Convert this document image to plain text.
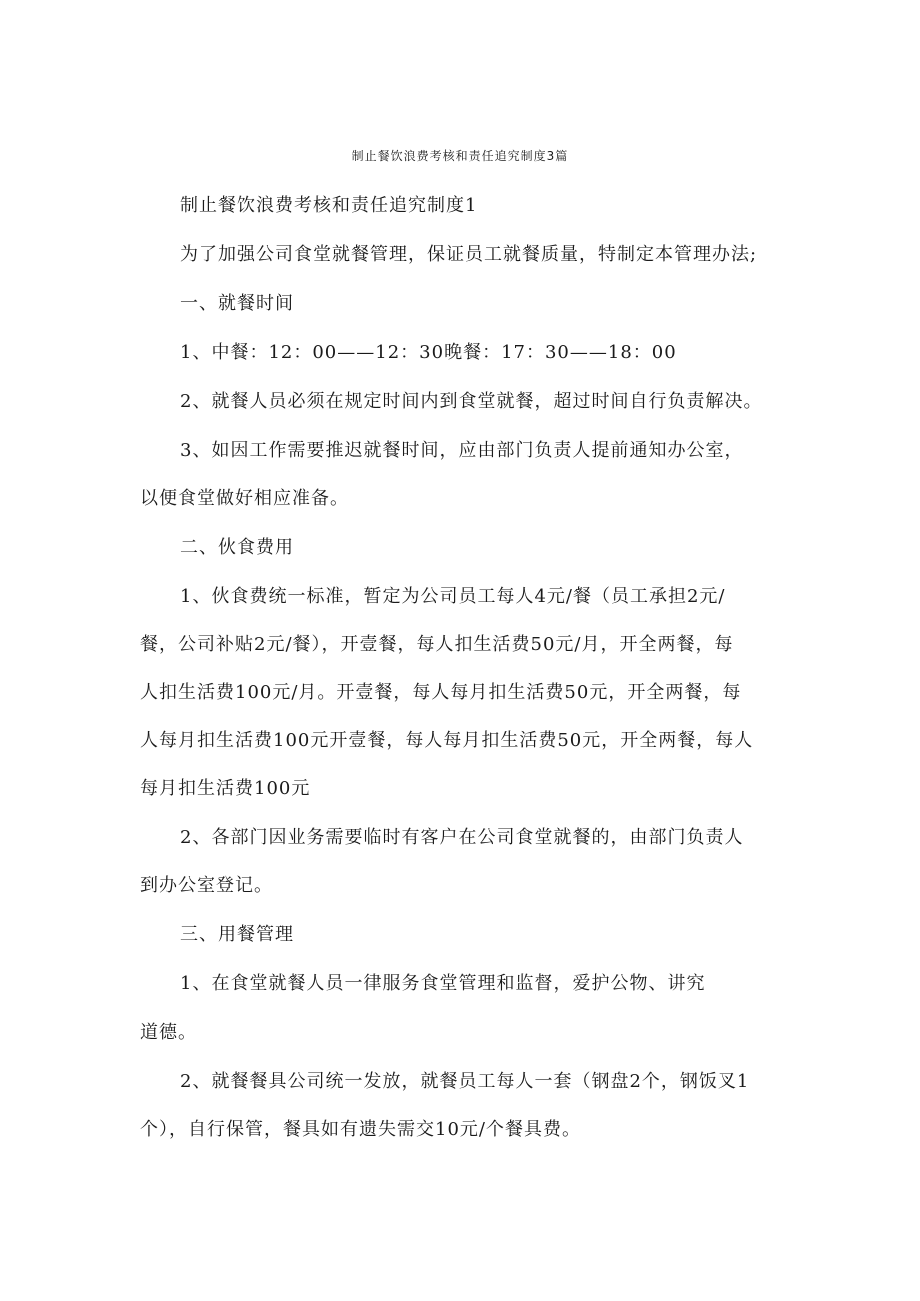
制止餐饮浪费考核和责任追究制度3篇
制止餐饮浪费考核和责任追究制度1
为了加强公司食堂就餐管理，保证员工就餐质量，特制定本管理办法;
一、就餐时间
1、中餐：12：00——12：30晚餐：17：30——18：00
2、就餐人员必须在规定时间内到食堂就餐，超过时间自行负责解决。
3、如因工作需要推迟就餐时间，应由部门负责人提前通知办公室，
以便食堂做好相应准备。
二、伙食费用
1、伙食费统一标准，暂定为公司员工每人4元/餐（员工承担2元/
餐，公司补贴2元/餐），开壹餐，每人扣生活费50元/月，开全两餐，每
人扣生活费100元/月。开壹餐，每人每月扣生活费50元，开全两餐，每
人每月扣生活费100元开壹餐，每人每月扣生活费50元，开全两餐，每人
每月扣生活费100元
2、各部门因业务需要临时有客户在公司食堂就餐的，由部门负责人
到办公室登记。
三、用餐管理
1、在食堂就餐人员一律服务食堂管理和监督，爱护公物、讲究
道德。
2、就餐餐具公司统一发放，就餐员工每人一套（钢盘2个，钢饭叉1
个），自行保管，餐具如有遗失需交10元/个餐具费。
